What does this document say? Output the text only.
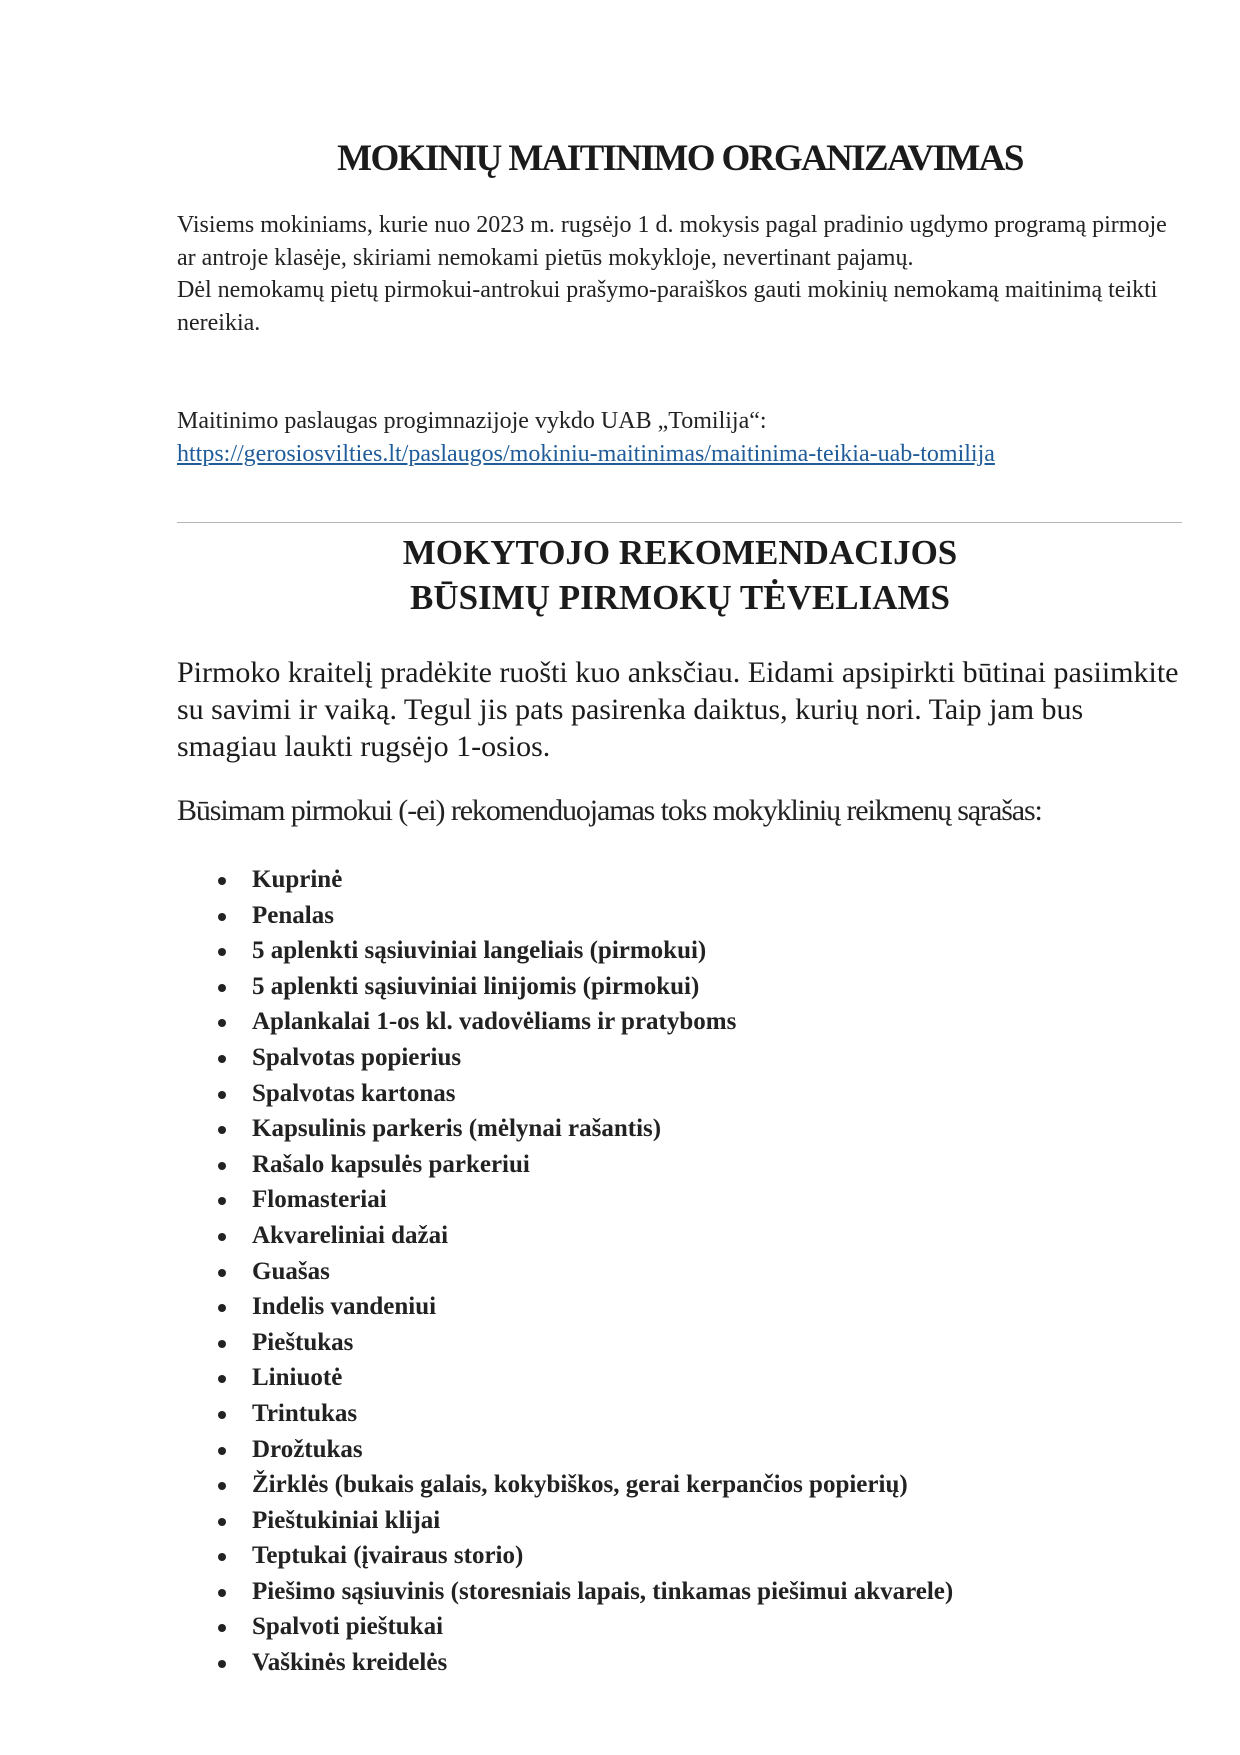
MOKINIŲ MAITINIMO ORGANIZAVIMAS

Visiems mokiniams, kurie nuo 2023 m. rugsėjo 1 d. mokysis pagal pradinio ugdymo programą pirmoje ar antroje klasėje, skiriami nemokami pietūs mokykloje, nevertinant pajamų.

Dėl nemokamų pietų pirmokui-antrokui prašymo-paraiškos gauti mokinių nemokamą maitinimą teikti nereikia.

Maitinimo paslaugas progimnazijoje vykdo UAB „Tomilija“:

https://gerosiosvilties.lt/paslaugos/mokiniu-maitinimas/maitinima-teikia-uab-tomilija

MOKYTOJO REKOMENDACIJOS
BŪSIMŲ PIRMOKŲ TĖVELIAMS

Pirmoko kraitelį pradėkite ruošti kuo anksčiau. Eidami apsipirkti būtinai pasiimkite su savimi ir vaiką. Tegul jis pats pasirenka daiktus, kurių nori. Taip jam bus smagiau laukti rugsėjo 1-osios.

Būsimam pirmokui (-ei) rekomenduojamas toks mokyklinių reikmenų sąrašas:

Kuprinė
Penalas
5 aplenkti sąsiuviniai langeliais (pirmokui)
5 aplenkti sąsiuviniai linijomis (pirmokui)
Aplankalai 1-os kl. vadovėliams ir pratyboms
Spalvotas popierius
Spalvotas kartonas
Kapsulinis parkeris (mėlynai rašantis)
Rašalo kapsulės parkeriui
Flomasteriai
Akvareliniai dažai
Guašas
Indelis vandeniui
Pieštukas
Liniuotė
Trintukas
Drožtukas
Žirklės (bukais galais, kokybiškos, gerai kerpančios popierių)
Pieštukiniai klijai
Teptukai (įvairaus storio)
Piešimo sąsiuvinis (storesniais lapais, tinkamas piešimui akvarele)
Spalvoti pieštukai
Vaškinės kreidelės
